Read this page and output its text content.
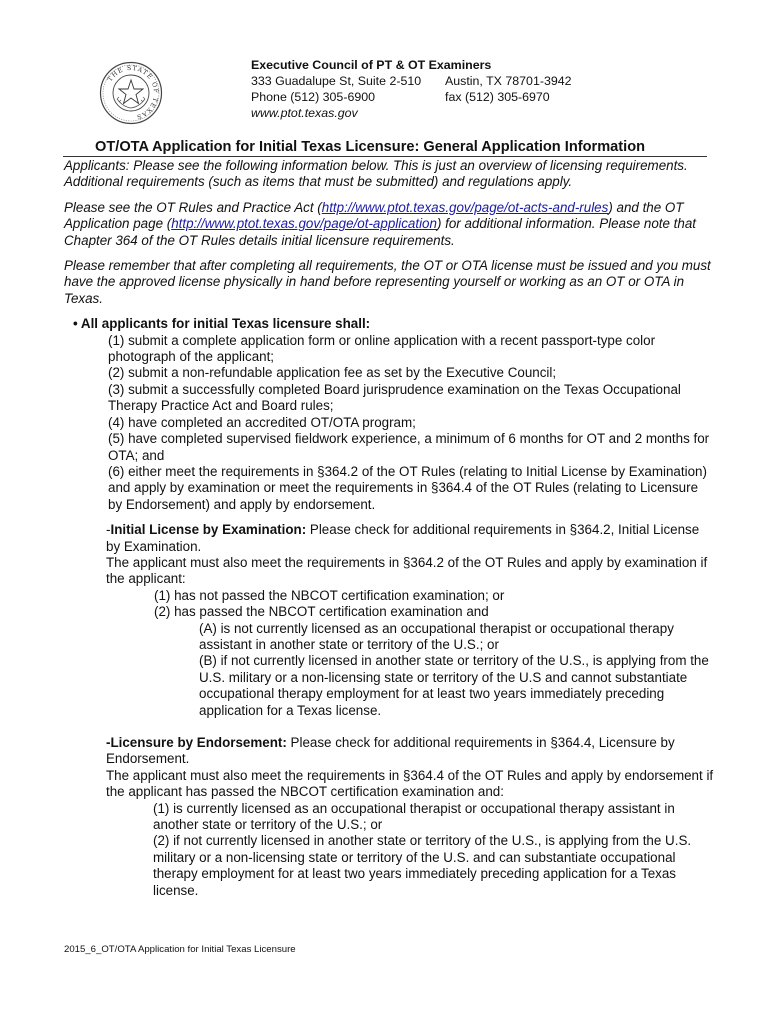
THE STATE OF TEXAS
Executive Council of PT & OT Examiners
333 Guadalupe St, Suite 2-510	Austin, TX 78701-3942
Phone (512) 305-6900	fax (512) 305-6970
www.ptot.texas.gov
OT/OTA Application for Initial Texas Licensure: General Application Information

Applicants: Please see the following information below. This is just an overview of licensing requirements. Additional requirements (such as items that must be submitted) and regulations apply.

Please see the OT Rules and Practice Act (http://www.ptot.texas.gov/page/ot-acts-and-rules) and the OT Application page (http://www.ptot.texas.gov/page/ot-application) for additional information. Please note that Chapter 364 of the OT Rules details initial licensure requirements.

Please remember that after completing all requirements, the OT or OTA license must be issued and you must have the approved license physically in hand before representing yourself or working as an OT or OTA in Texas.

• All applicants for initial Texas licensure shall:
(1) submit a complete application form or online application with a recent passport-type color photograph of the applicant;
(2) submit a non-refundable application fee as set by the Executive Council;
(3) submit a successfully completed Board jurisprudence examination on the Texas Occupational Therapy Practice Act and Board rules;
(4) have completed an accredited OT/OTA program;
(5) have completed supervised fieldwork experience, a minimum of 6 months for OT and 2 months for OTA; and
(6) either meet the requirements in §364.2 of the OT Rules (relating to Initial License by Examination) and apply by examination or meet the requirements in §364.4 of the OT Rules (relating to Licensure by Endorsement) and apply by endorsement.
-Initial License by Examination: Please check for additional requirements in §364.2, Initial License by Examination.
The applicant must also meet the requirements in §364.2 of the OT Rules and apply by examination if the applicant:
(1) has not passed the NBCOT certification examination; or
(2) has passed the NBCOT certification examination and
(A) is not currently licensed as an occupational therapist or occupational therapy assistant in another state or territory of the U.S.; or
(B) if not currently licensed in another state or territory of the U.S., is applying from the U.S. military or a non-licensing state or territory of the U.S and cannot substantiate occupational therapy employment for at least two years immediately preceding application for a Texas license.
-Licensure by Endorsement: Please check for additional requirements in §364.4, Licensure by Endorsement.
The applicant must also meet the requirements in §364.4 of the OT Rules and apply by endorsement if the applicant has passed the NBCOT certification examination and:
(1) is currently licensed as an occupational therapist or occupational therapy assistant in another state or territory of the U.S.; or
(2) if not currently licensed in another state or territory of the U.S., is applying from the U.S. military or a non-licensing state or territory of the U.S. and can substantiate occupational therapy employment for at least two years immediately preceding application for a Texas license.
2015_6_OT/OTA Application for Initial Texas Licensure
